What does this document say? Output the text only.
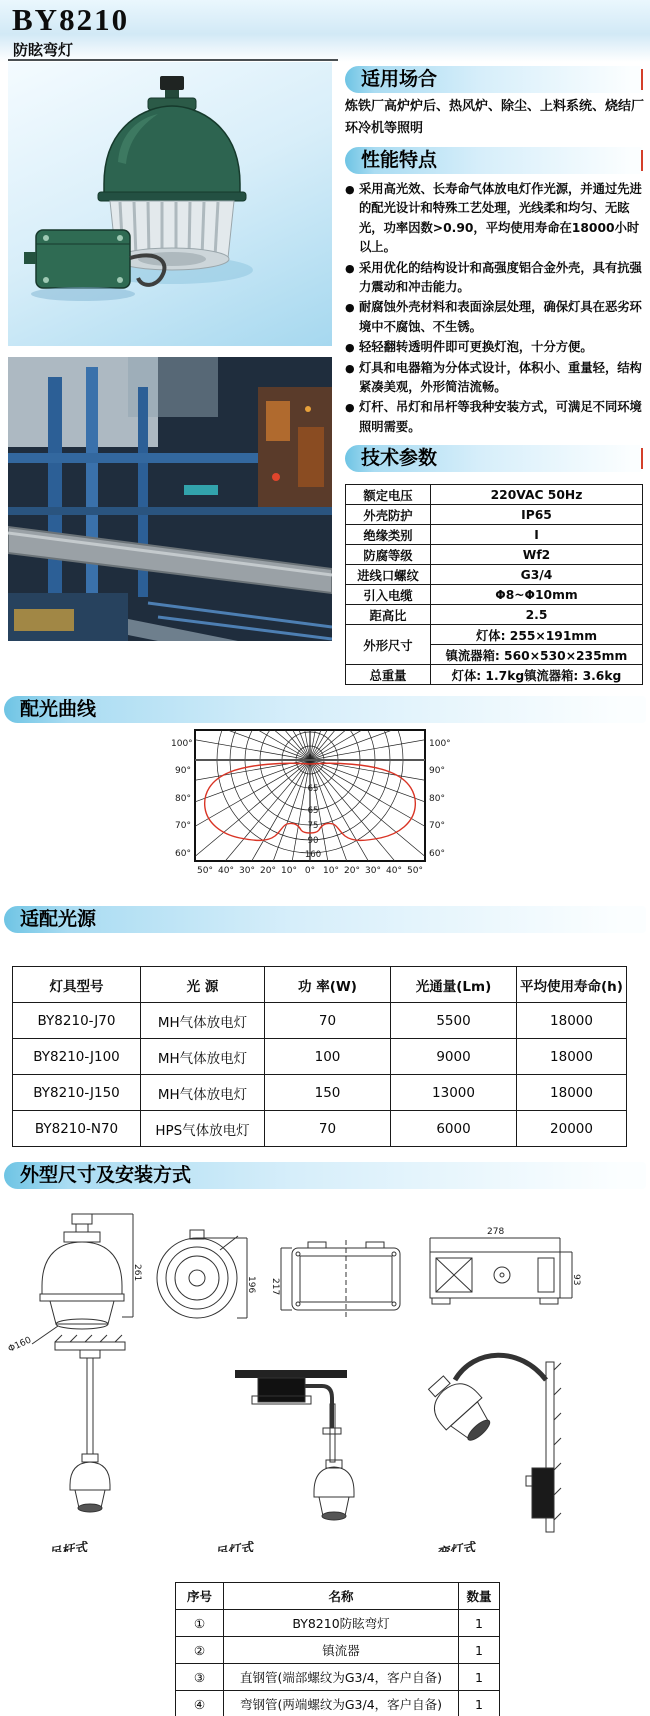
BY8210
防眩弯灯
适用场合
炼铁厂高炉炉后、热风炉、除尘、上料系统、烧结厂环冷机等照明
性能特点
● 采用高光效、长寿命气体放电灯作光源，并通过先进的配光设计和特殊工艺处理，光线柔和均匀、无眩光，功率因数>0.90，平均使用寿命在18000小时以上。
● 采用优化的结构设计和高强度铝合金外壳，具有抗强力震动和冲击能力。
● 耐腐蚀外壳材料和表面涂层处理，确保灯具在恶劣环境中不腐蚀、不生锈。
● 轻轻翻转透明件即可更换灯泡，十分方便。
● 灯具和电器箱为分体式设计，体积小、重量轻，结构紧凑美观，外形简洁流畅。
● 灯杆、吊灯和吊杆等我种安装方式，可满足不同环境照明需要。
技术参数
额定电压	220VAC 50Hz
外壳防护	IP65
绝缘类别	I
防腐等级	Wf2
进线口螺纹	G3/4
引入电缆	Φ8~Φ10mm
距高比	2.5
外形尺寸	灯体: 255×191mm
	镇流器箱: 560×530×235mm
总重量	灯体: 1.7kg镇流器箱: 3.6kg
配光曲线
100°
90°
80°
70°
60°
100°
90°
80°
70°
60°
50° 40° 30° 20° 10° 0° 10° 20° 30° 40° 50°
65
65
75
90
160
适配光源
灯具型号	光 源	功 率(W)	光通量(Lm)	平均使用寿命(h)
BY8210-J70	MH气体放电灯	70	5500	18000
BY8210-J100	MH气体放电灯	100	9000	18000
BY8210-J150	MH气体放电灯	150	13000	18000
BY8210-N70	HPS气体放电灯	70	6000	20000
外型尺寸及安装方式
261
Φ160
196 217
278
93
吊杆式	吊灯式	弯灯式
序号	名称	数量
①	BY8210防眩弯灯	1
②	镇流器	1
③	直钢管(端部螺纹为G3/4，客户自备)	1
④	弯钢管(两端螺纹为G3/4，客户自备)	1
